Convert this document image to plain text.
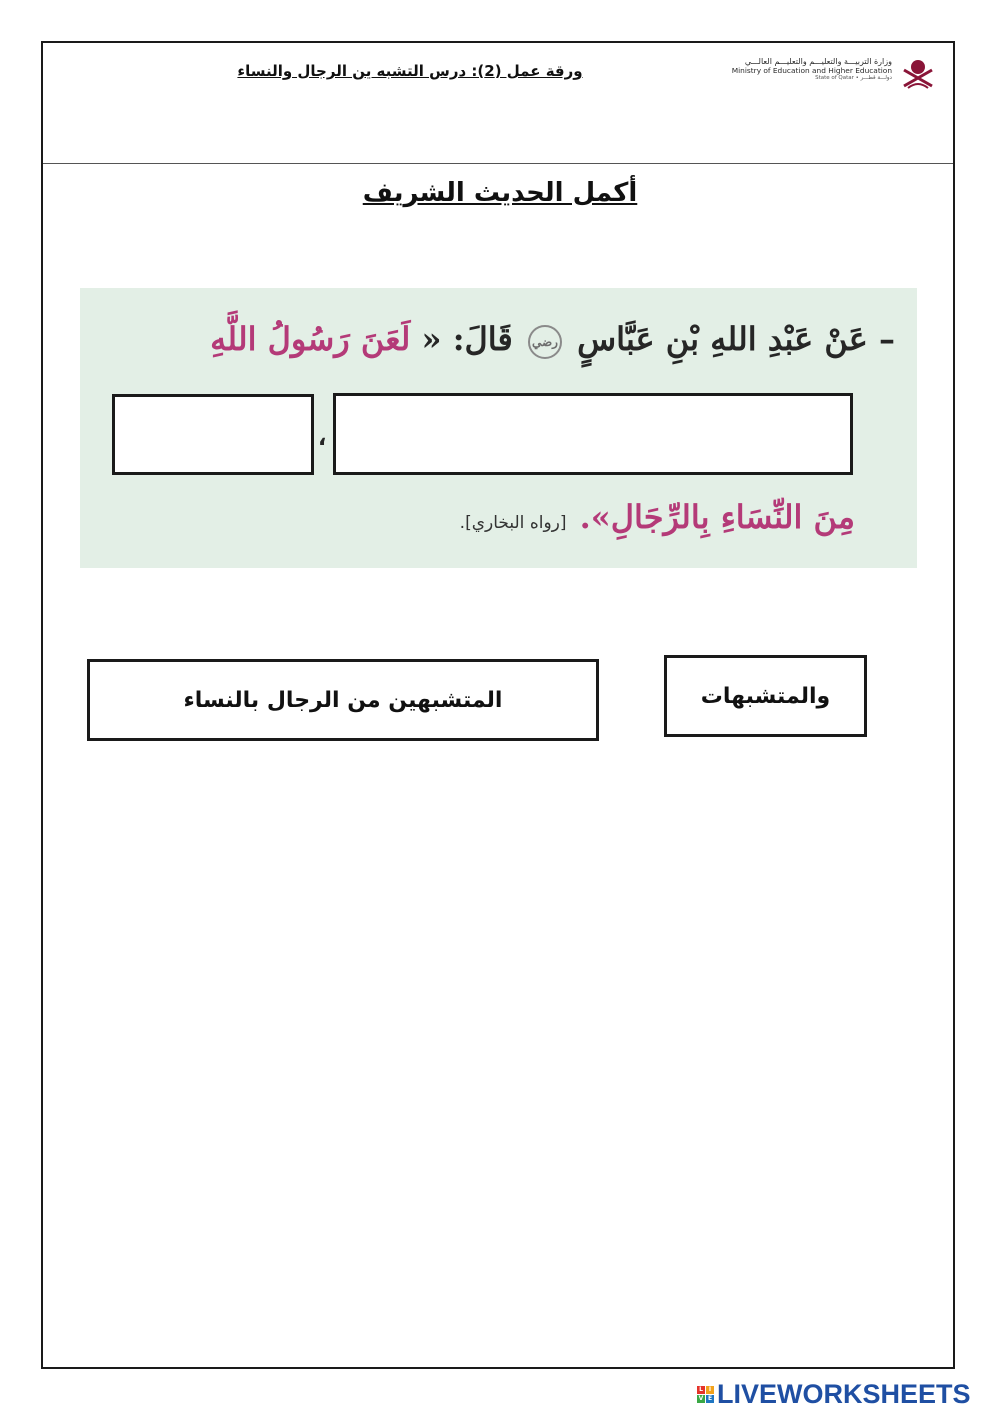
ورقة عمل (2): درس التشبه ين الرجال والنساء
وزارة التربيـــة والتعليـــم والتعليـــم العالـــي
Ministry of Education and Higher Education
State of Qatar • دولـــة قطـــر
أكمل الحديث الشريف
– عَنْ عَبْدِ اللهِ بْنِ عَبَّاسٍ رضي قَالَ: « لَعَنَ رَسُولُ اللَّهِ
،
مِنَ النِّسَاءِ بِالرِّجَالِ». [رواه البخاري].
والمتشبهات
المتشبهين من الرجال بالنساء
L I
V E LIVEWORKSHEETS
